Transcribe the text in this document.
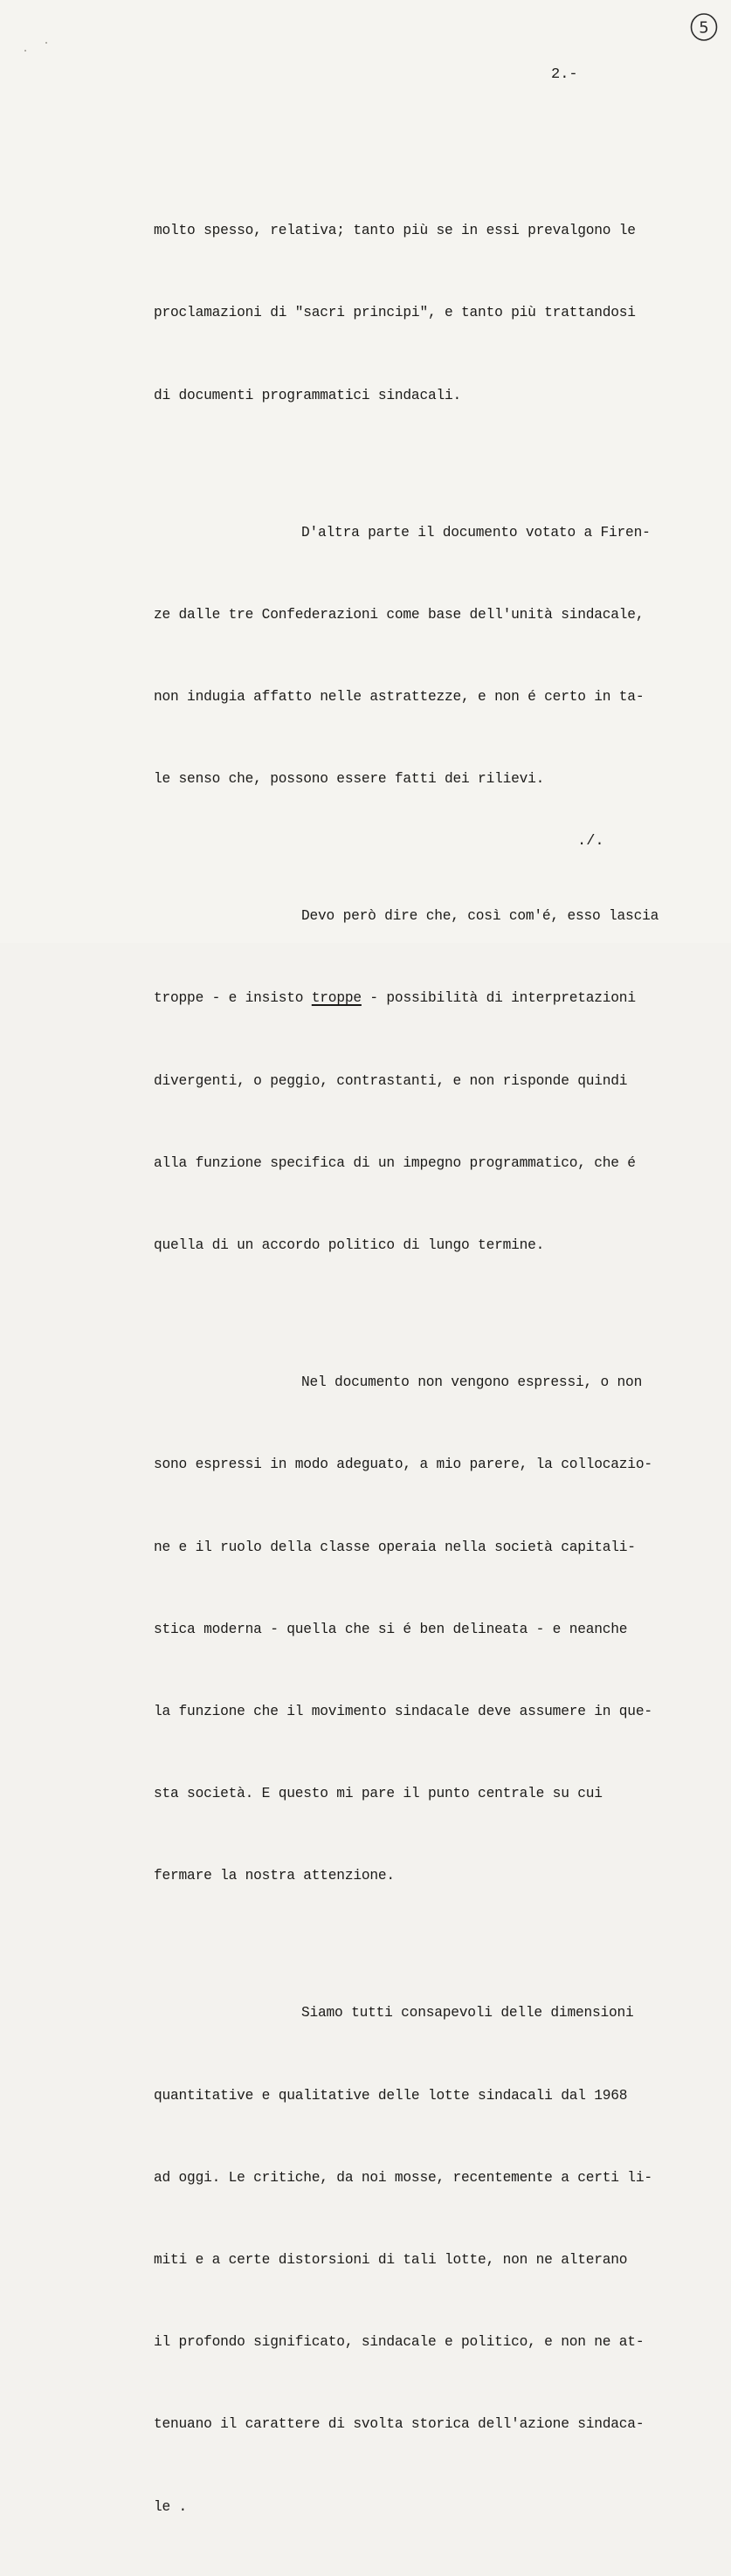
5
2.-

molto spesso, relativa; tanto più se in essi prevalgono le

proclamazioni di "sacri principi", e tanto più trattandosi

di documenti programmatici sindacali.

D'altra parte il documento votato a Firen-

ze dalle tre Confederazioni come base dell'unità sindacale,

non indugia affatto nelle astrattezze, e non é certo in ta-

le senso che, possono essere fatti dei rilievi.

Devo però dire che, così com'é, esso lascia

troppe - e insisto troppe - possibilità di interpretazioni

divergenti, o peggio, contrastanti, e non risponde quindi

alla funzione specifica di un impegno programmatico, che é

quella di un accordo politico di lungo termine.

Nel documento non vengono espressi, o non

sono espressi in modo adeguato, a mio parere, la collocazio-

ne e il ruolo della classe operaia nella società capitali-

stica moderna - quella che si é ben delineata - e neanche

la funzione che il movimento sindacale deve assumere in que-

sta società. E questo mi pare il punto centrale su cui

fermare la nostra attenzione.

Siamo tutti consapevoli delle dimensioni

quantitative e qualitative delle lotte sindacali dal 1968

ad oggi. Le critiche, da noi mosse, recentemente a certi li-

miti e a certe distorsioni di tali lotte, non ne alterano

il profondo significato, sindacale e politico, e non ne at-

tenuano il carattere di svolta storica dell'azione sindaca-

le .

./.
